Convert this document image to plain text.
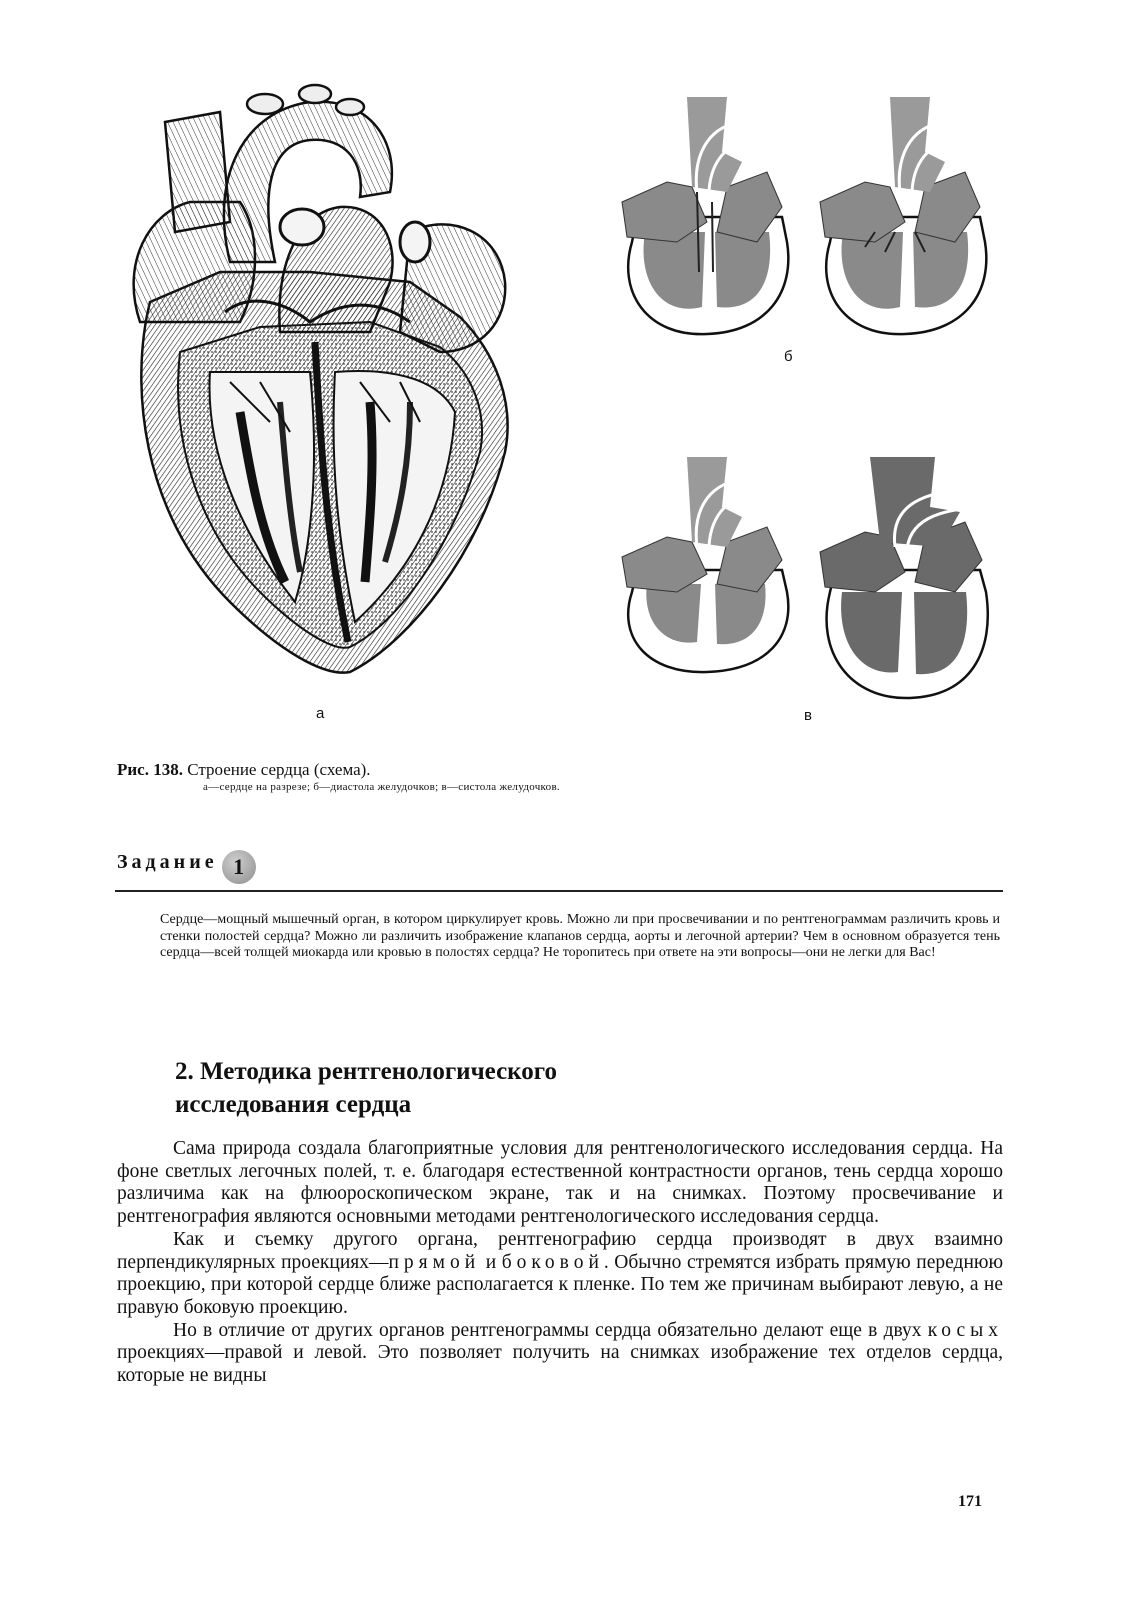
б
в
а
Рис. 138. Строение сердца (схема).
а—сердце на разрезе; б—диастола желудочков; в—систола желудочков.
Задание 1

Сердце—мощный мышечный орган, в котором циркулирует кровь. Можно ли при просвечивании и по рентгенограммам различить кровь и стенки полостей сердца? Можно ли различить изображение клапанов сердца, аорты и легочной артерии? Чем в основном образуется тень сердца—всей толщей миокарда или кровью в полостях сердца? Не торопитесь при ответе на эти вопросы—они не легки для Вас!

2. Методика рентгенологического
исследования сердца

Сама природа создала благоприятные условия для рентгенологического исследования сердца. На фоне светлых легочных полей, т. е. благодаря естественной контрастности органов, тень сердца хорошо различима как на флюороскопическом экране, так и на снимках. Поэтому просвечивание и рентгенография являются основными методами рентгенологического исследования сердца.

Как и съемку другого органа, рентгенографию сердца производят в двух взаимно перпендикулярных проекциях—прямой и боковой. Обычно стремятся избрать прямую переднюю проекцию, при которой сердце ближе располагается к пленке. По тем же причинам выбирают левую, а не правую боковую проекцию.

Но в отличие от других органов рентгенограммы сердца обязательно делают еще в двух косых проекциях—правой и левой. Это позволяет получить на снимках изображение тех отделов сердца, которые не видны

171
